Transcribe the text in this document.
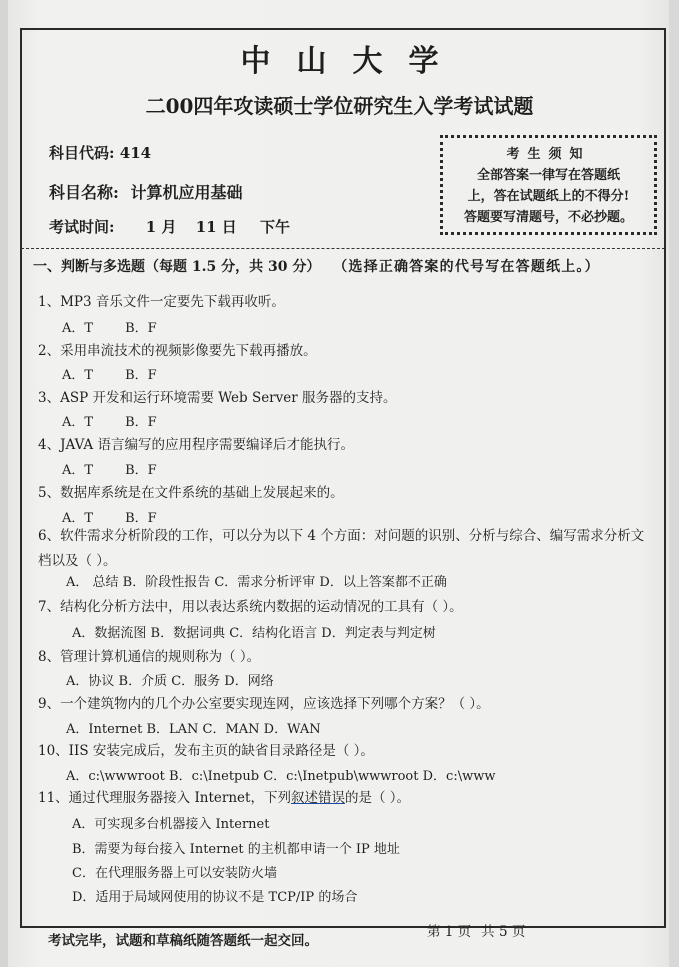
中山大学
二00四年攻读硕士学位研究生入学考试试题
科目代码: 414
科目名称: 计算机应用基础
考试时间: 1 月 11 日 下午
考生须知
全部答案一律写在答题纸
上，答在试题纸上的不得分!
答题要写清题号，不必抄题。
一、判断与多选题（每题 1.5 分，共 30 分） （选择正确答案的代号写在答题纸上。）
1、MP3 音乐文件一定要先下载再收听。
A．T B．F
2、采用串流技术的视频影像要先下载再播放。
A．T B．F
3、ASP 开发和运行环境需要 Web Server 服务器的支持。
A．T B．F
4、JAVA 语言编写的应用程序需要编译后才能执行。
A．T B．F
5、数据库系统是在文件系统的基础上发展起来的。
A．T B．F
6、软件需求分析阶段的工作，可以分为以下 4 个方面：对问题的识别、分析与综合、编写需求分析文档以及（ ）。
A． 总结 B．阶段性报告 C．需求分析评审 D．以上答案都不正确
7、结构化分析方法中，用以表达系统内数据的运动情况的工具有（ ）。
A．数据流图 B．数据词典 C．结构化语言 D．判定表与判定树
8、管理计算机通信的规则称为（ ）。
A．协议 B．介质 C．服务 D．网络
9、一个建筑物内的几个办公室要实现连网，应该选择下列哪个方案？（ ）。
A．Internet B．LAN C．MAN D．WAN
10、IIS 安装完成后，发布主页的缺省目录路径是（ ）。
A．c:\wwwroot B．c:\Inetpub C．c:\Inetpub\wwwroot D．c:\www
11、通过代理服务器接入 Internet，下列叙述错误的是（ ）。
A．可实现多台机器接入 Internet
B．需要为每台接入 Internet 的主机都申请一个 IP 地址
C．在代理服务器上可以安装防火墙
D．适用于局域网使用的协议不是 TCP/IP 的场合
第 1 页 共 5 页
考试完毕，试题和草稿纸随答题纸一起交回。
